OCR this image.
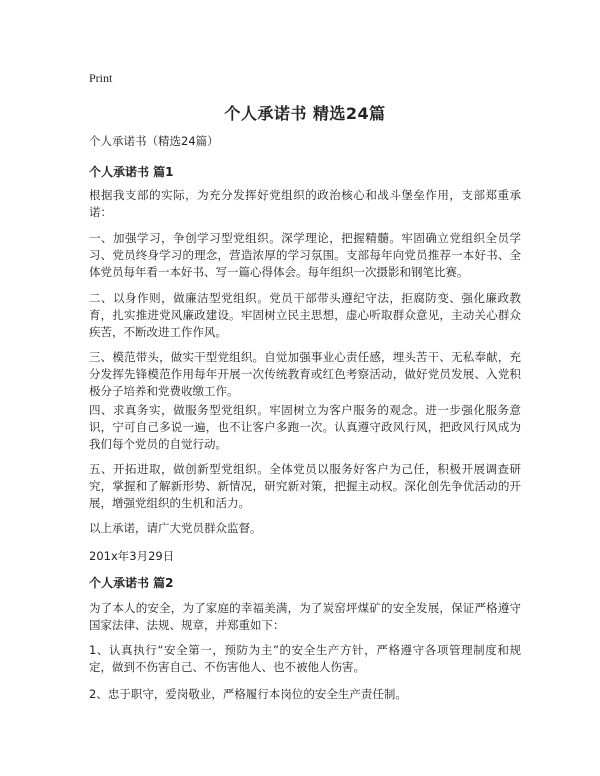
Print
个人承诺书 精选24篇
个人承诺书（精选24篇）
个人承诺书 篇1
根据我支部的实际，为充分发挥好党组织的政治核心和战斗堡垒作用，支部郑重承诺：
一、加强学习，争创学习型党组织。深学理论，把握精髓。牢固确立党组织全员学习、党员终身学习的理念，营造浓厚的学习氛围。支部每年向党员推荐一本好书、全体党员每年看一本好书、写一篇心得体会。每年组织一次摄影和钢笔比赛。
二、以身作则，做廉洁型党组织。党员干部带头遵纪守法，拒腐防变、强化廉政教育，扎实推进党风廉政建设。牢固树立民主思想，虚心听取群众意见，主动关心群众疾苦，不断改进工作作风。
三、模范带头，做实干型党组织。自觉加强事业心责任感，埋头苦干、无私奉献，充分发挥先锋模范作用每年开展一次传统教育或红色考察活动，做好党员发展、入党积极分子培养和党费收缴工作。
四、求真务实，做服务型党组织。牢固树立为客户服务的观念。进一步强化服务意识，宁可自己多说一遍，也不让客户多跑一次。认真遵守政风行风，把政风行风成为我们每个党员的自觉行动。
五、开拓进取，做创新型党组织。全体党员以服务好客户为己任，积极开展调查研究，掌握和了解新形势、新情况，研究新对策，把握主动权。深化创先争优活动的开展，增强党组织的生机和活力。
以上承诺，请广大党员群众监督。
201x年3月29日
个人承诺书 篇2
为了本人的安全，为了家庭的幸福美满，为了炭窑坪煤矿的安全发展，保证严格遵守国家法律、法规、规章，并郑重如下：
1、认真执行“安全第一，预防为主”的安全生产方针，严格遵守各项管理制度和规定，做到不伤害自己、不伤害他人、也不被他人伤害。
2、忠于职守，爱岗敬业，严格履行本岗位的安全生产责任制。
